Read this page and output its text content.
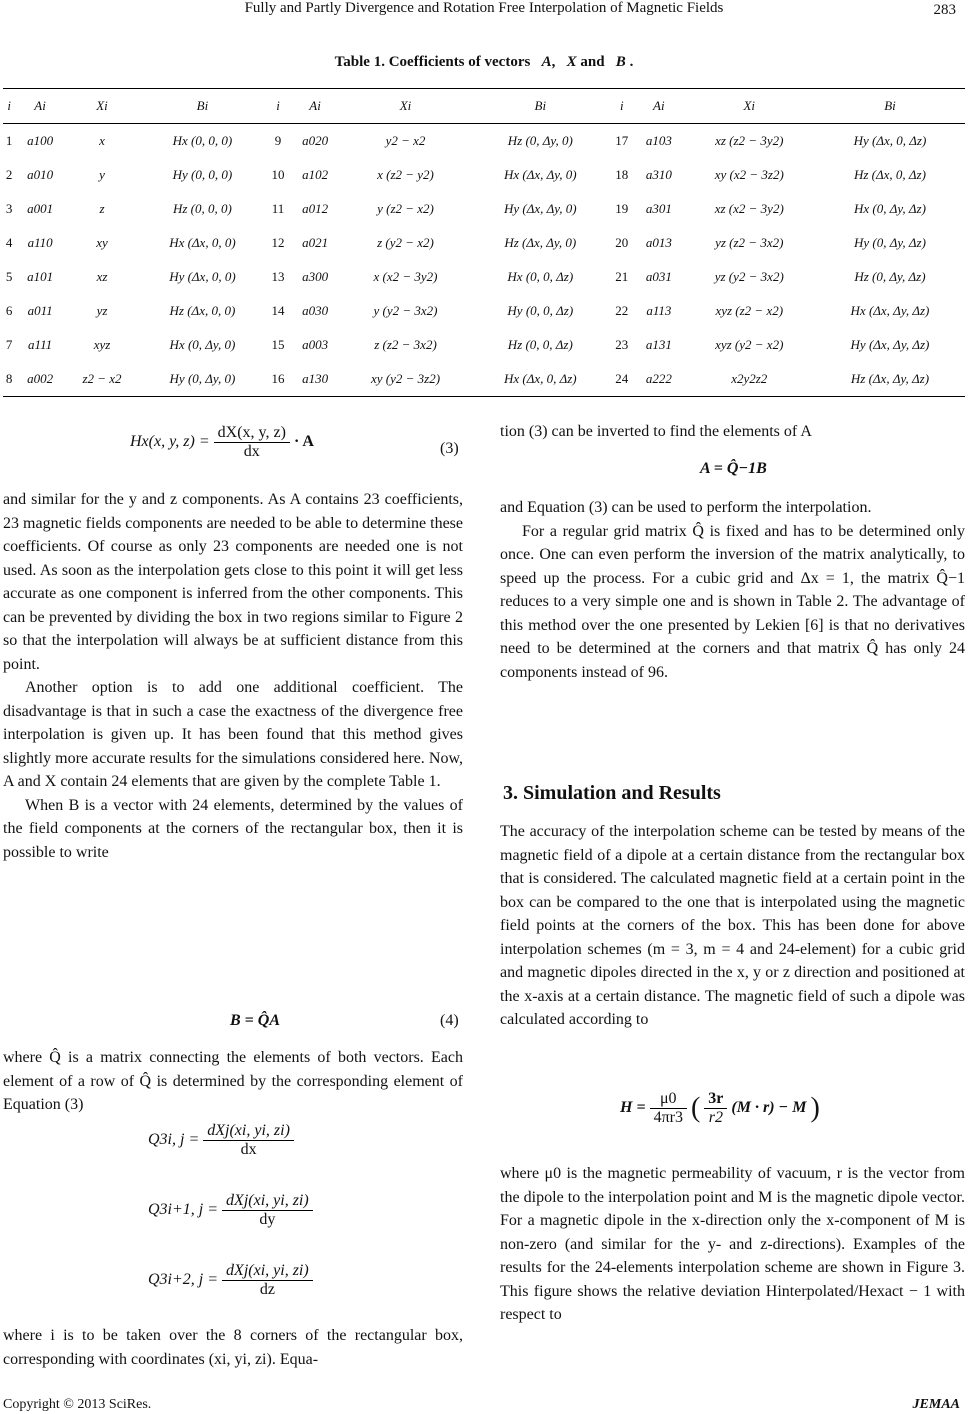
Fully and Partly Divergence and Rotation Free Interpolation of Magnetic Fields	283
Table 1. Coefficients of vectors A, X and B .
i	Ai	Xi	Bi	i	Ai	Xi	Bi	i	Ai	Xi	Bi
1	a100	x	Hx (0, 0, 0)	9	a020	y2 − x2	Hz (0, Δy, 0)	17	a103	xz (z2 − 3y2)	Hy (Δx, 0, Δz)
2	a010	y	Hy (0, 0, 0)	10	a102	x (z2 − y2)	Hx (Δx, Δy, 0)	18	a310	xy (x2 − 3z2)	Hz (Δx, 0, Δz)
3	a001	z	Hz (0, 0, 0)	11	a012	y (z2 − x2)	Hy (Δx, Δy, 0)	19	a301	xz (x2 − 3y2)	Hx (0, Δy, Δz)
4	a110	xy	Hx (Δx, 0, 0)	12	a021	z (y2 − x2)	Hz (Δx, Δy, 0)	20	a013	yz (z2 − 3x2)	Hy (0, Δy, Δz)
5	a101	xz	Hy (Δx, 0, 0)	13	a300	x (x2 − 3y2)	Hx (0, 0, Δz)	21	a031	yz (y2 − 3x2)	Hz (0, Δy, Δz)
6	a011	yz	Hz (Δx, 0, 0)	14	a030	y (y2 − 3x2)	Hy (0, 0, Δz)	22	a113	xyz (z2 − x2)	Hx (Δx, Δy, Δz)
7	a111	xyz	Hx (0, Δy, 0)	15	a003	z (z2 − 3x2)	Hz (0, 0, Δz)	23	a131	xyz (y2 − x2)	Hy (Δx, Δy, Δz)
8	a002	z2 − x2	Hy (0, Δy, 0)	16	a130	xy (y2 − 3z2)	Hx (Δx, 0, Δz)	24	a222	x2y2z2	Hz (Δx, Δy, Δz)
Hx(x, y, $z) = \frac{dX(x, y, z)}{dx} \cdot A$	(3)

and similar for the y and z components. As A contains 23 coefficients, 23 magnetic fields components are needed to be able to determine these coefficients. Of course as only 23 components are needed one is not used. As soon as the interpolation gets close to this point it will get less accurate as one component is inferred from the other components. This can be prevented by dividing the box in two regions similar to Figure 2 so that the interpolation will always be at sufficient distance from this point.

Another option is to add one additional coefficient. The disadvantage is that in such a case the exactness of the divergence free interpolation is given up. It has been found that this method gives slightly more accurate results for the simulations considered here. Now, A and X contain 24 elements that are given by the complete Table 1.

When B is a vector with 24 elements, determined by the values of the field components at the corners of the rectangular box, then it is possible to write

B = Q̂A	(4)

where Q̂ is a matrix connecting the elements of both vectors. Each element of a row of Q̂ is determined by the corresponding element of Equation (3)

Q3i, $j = \frac{\text{dXj(xi, yi, zi)}}{dx}$
Q3i+1, $j = \frac{\text{dXj(xi, yi, zi)}}{dy}$
Q3i+2, $j = \frac{\text{dXj(xi, yi, zi)}}{dz}$

where i is to be taken over the 8 corners of the rectangular box, corresponding with coordinates (xi, yi, zi). Equa-

tion (3) can be inverted to find the elements of A

A = Q̂−1B

and Equation (3) can be used to perform the interpolation.

For a regular grid matrix Q̂ is fixed and has to be determined only once. One can even perform the inversion of the matrix analytically, to speed up the process. For a cubic grid and Δx = 1, the matrix Q̂−1 reduces to a very simple one and is shown in Table 2. The advantage of this method over the one presented by Lekien [6] is that no derivatives need to be determined at the corners and that matrix Q̂ has only 24 components instead of 96.

3. Simulation and Results

The accuracy of the interpolation scheme can be tested by means of the magnetic field of a dipole at a certain distance from the rectangular box that is considered. The calculated magnetic field at a certain point in the box can be compared to the one that is interpolated using the magnetic field points at the corners of the box. This has been done for above interpolation schemes (m = 3, m = 4 and 24-element) for a cubic grid and magnetic dipoles directed in the x, y or z direction and positioned at the x-axis at a certain distance. The magnetic field of such a dipole was calculated according to

$H = \frac{\mu 0}{4\pi r3}$ ( $\frac{3r}{r2} (M \cdot r) - M$ )

where μ0 is the magnetic permeability of vacuum, r is the vector from the dipole to the interpolation point and M is the magnetic dipole vector. For a magnetic dipole in the x-direction only the x-component of M is non-zero (and similar for the y- and z-directions). Examples of the results for the 24-elements interpolation scheme are shown in Figure 3. This figure shows the relative deviation Hinterpolated/Hexact − 1 with respect to

Copyright © 2013 SciRes.	JEMAA
